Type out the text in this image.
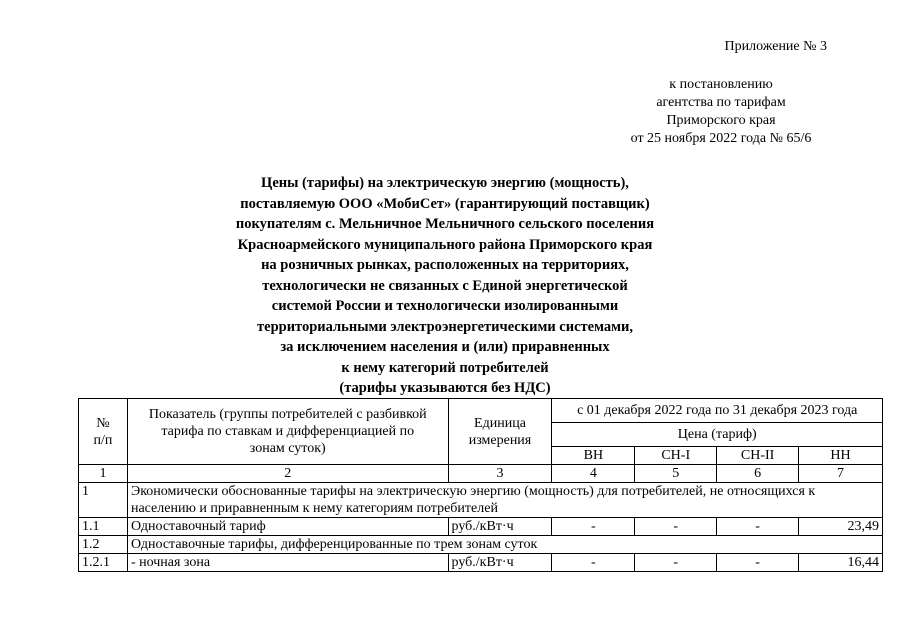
Приложение № 3
к постановлению
агентства по тарифам
Приморского края
от 25 ноября 2022 года № 65/6
Цены (тарифы) на электрическую энергию (мощность),
поставляемую ООО «МобиСет» (гарантирующий поставщик)
покупателям с. Мельничное Мельничного сельского поселения
Красноармейского муниципального района Приморского края
на розничных рынках, расположенных на территориях,
технологически не связанных с Единой энергетической
системой России и технологически изолированными
территориальными электроэнергетическими системами,
за исключением населения и (или) приравненных
к нему категорий потребителей
(тарифы указываются без НДС)
№
п/п	Показатель (группы потребителей с разбивкой тарифа по ставкам и дифференциацией по зонам суток)	Единица измерения	с 01 декабря 2022 года по 31 декабря 2023 года			
			Цена (тариф)			
			ВН	СН-I	СН-II	НН
1	2	3	4	5	6	7
1	Экономически обоснованные тарифы на электрическую энергию (мощность) для потребителей, не относящихся к населению и приравненным к нему категориям потребителей					
1.1	Одноставочный тариф	руб./кВт·ч	-	-	-	23,49
1.2	Одноставочные тарифы, дифференцированные по трем зонам суток					
1.2.1	- ночная зона	руб./кВт·ч	-	-	-	16,44
